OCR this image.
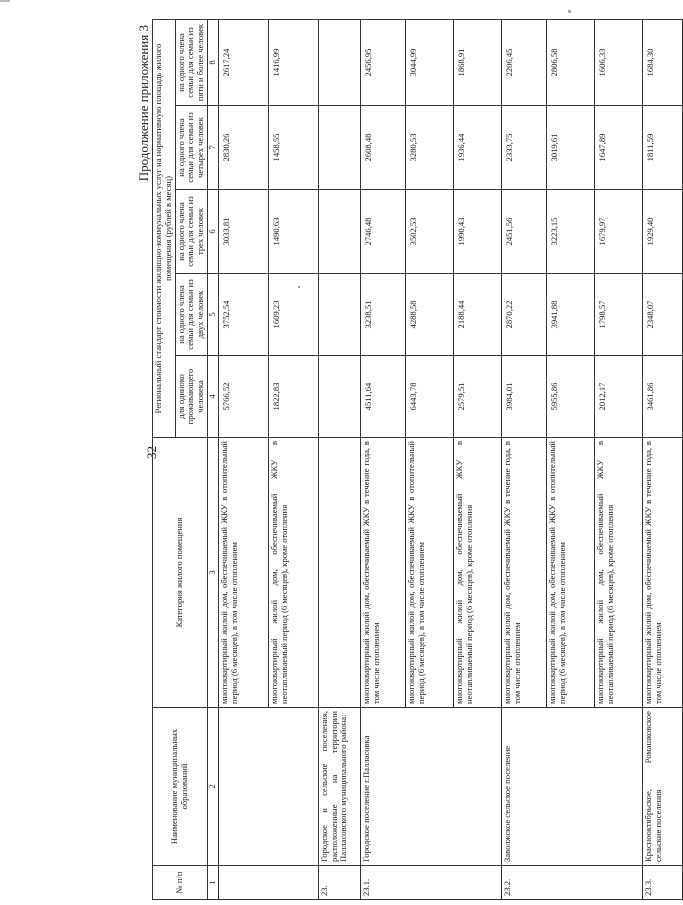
32
Продолжение приложения 3
№ п/п	Наименование муниципальных образований	Категория жилого помещения	Региональный стандарт стоимости жилищно-коммунальных услуг на нормативную площадь жилого помещения (рублей в месяц)				
			для одиноко проживающего человека	на одного члена семьи для семьи из двух человек	на одного члена семьи для семьи из трех человек	на одного члена семьи для семьи из четырех человек	на одного члена семьи для семьи из пяти и более человек
1	2	3	4	5	6	7	8
		многоквартирный жилой дом, обеспечиваемый ЖКУ в отопительный период (6 месяцев), в том числе отоплением	5766,52	3752,54	3033,81	2830,26	2617,24
		многоквартирный жилой дом, обеспечиваемый ЖКУ в неотапливаемый период (6 месяцев), кроме отопления	1822,83	1609,23	1490,63	1458,55	1416,99
23.	Городское и сельские поселения, расположенные на территории Палласовского муниципального района:						
23.1.	Городское поселение г.Палласовка	многоквартирный жилой дом, обеспечиваемый ЖКУ в течение года, в том числе отоплением	4511,64	3238,51	2746,48	2608,48	2456,95
		многоквартирный жилой дом, обеспечиваемый ЖКУ в отопительный период (6 месяцев), в том числе отоплением	6443,78	4288,58	3502,53	3280,53	3044,99
		многоквартирный жилой дом, обеспечиваемый ЖКУ в неотапливаемый период (6 месяцев), кроме отопления	2579,51	2188,44	1990,43	1936,44	1868,91
23.2.	Заволжское сельское поселение	многоквартирный жилой дом, обеспечиваемый ЖКУ в течение года, в том числе отоплением	3984,01	2870,22	2451,56	2333,75	2206,45
		многоквартирный жилой дом, обеспечиваемый ЖКУ в отопительный период (6 месяцев), в том числе отоплением	5955,86	3941,88	3223,15	3019,61	2806,58
		многоквартирный жилой дом, обеспечиваемый ЖКУ в неотапливаемый период (6 месяцев), кроме отопления	2012,17	1798,57	1679,97	1647,89	1606,33
23.3.	Красноoктябрьское, Ромашковское сельские поселения	многоквартирный жилой дом, обеспечиваемый ЖКУ в течение года, в том числе отоплением	3461,86	2348,07	1929,40	1811,59	1684,30
